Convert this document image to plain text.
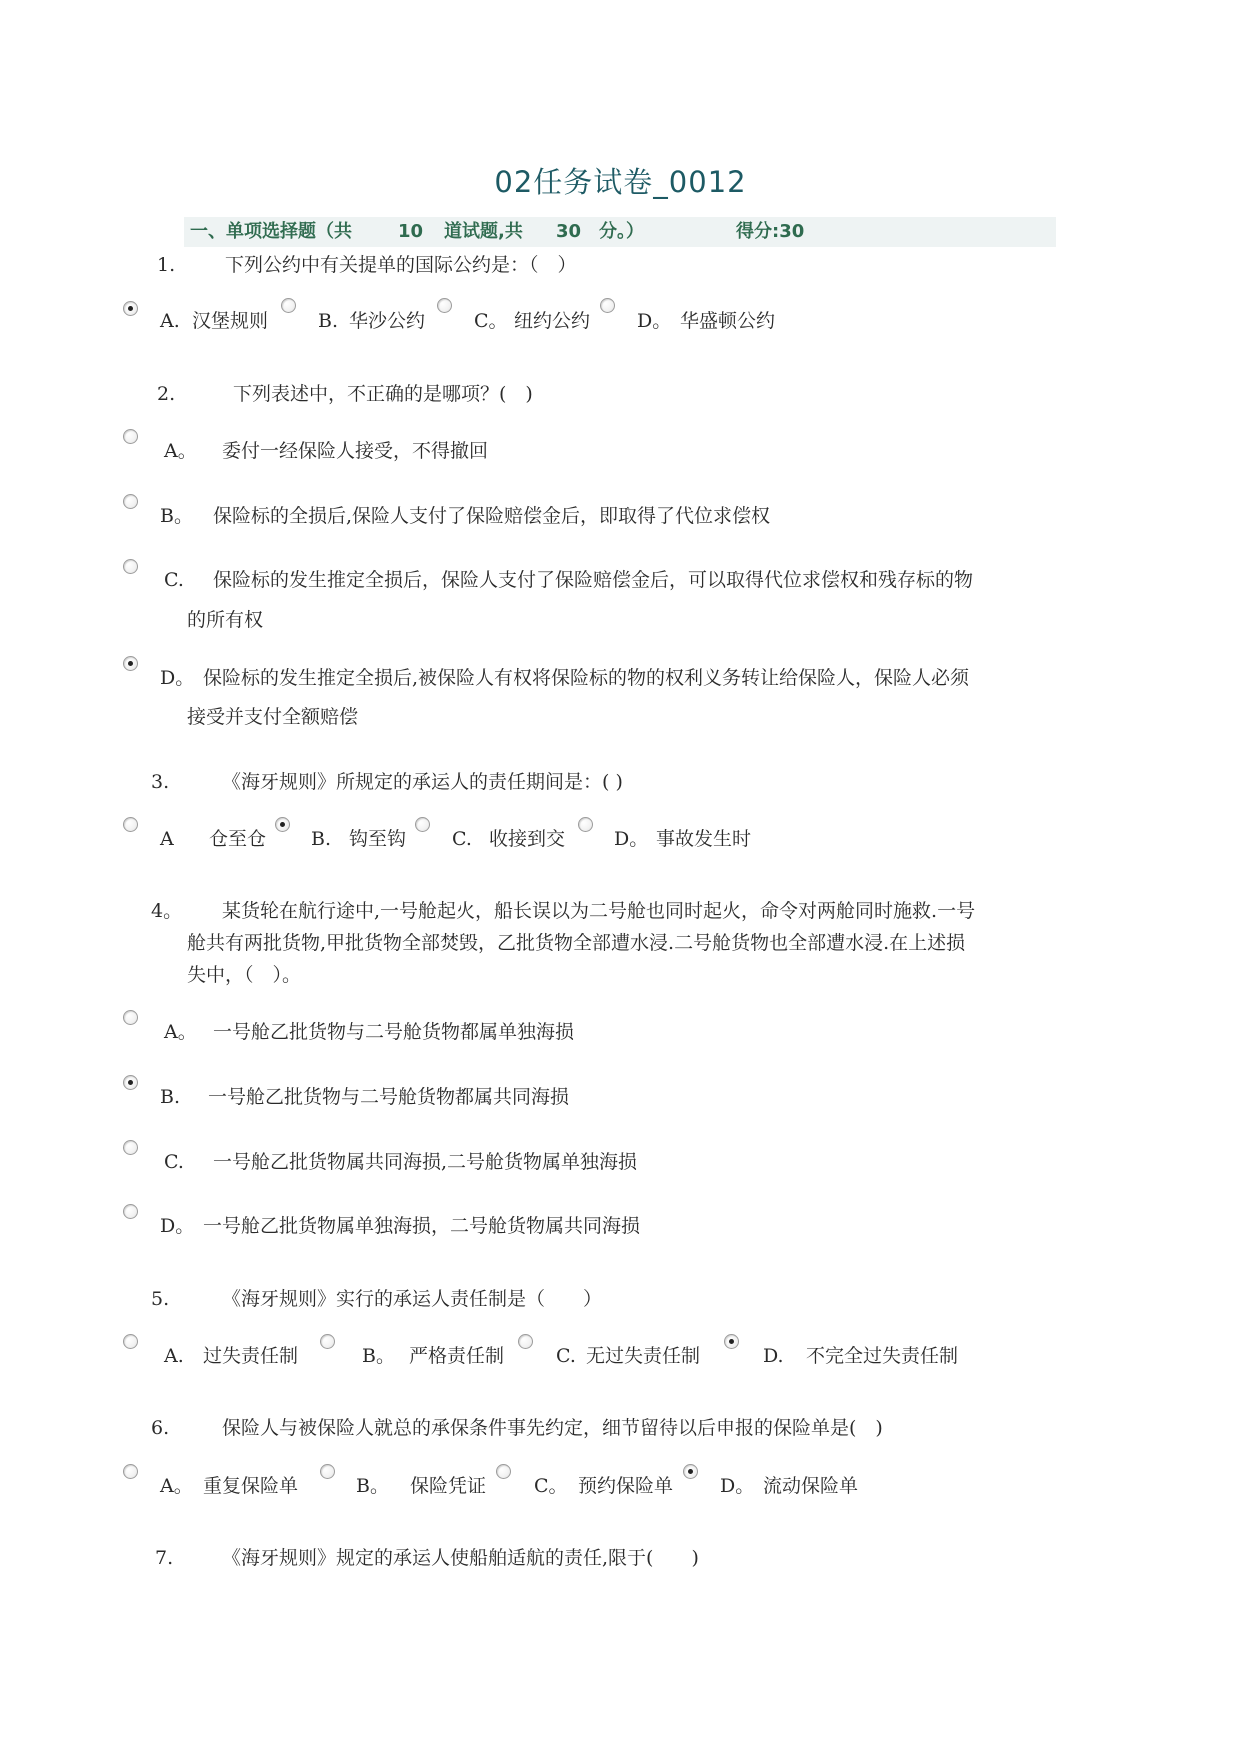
02任务试卷_0012
一、单项选择题（共	10 道试题,共 30 分。）	得分:30
1.	下列公约中有关提单的国际公约是：（　）
A. 汉堡规则	B. 华沙公约	C。 纽约公约 D。 华盛顿公约
2.	下列表述中，不正确的是哪项？(　)
A。 委付一经保险人接受，不得撤回
B。 保险标的全损后,保险人支付了保险赔偿金后，即取得了代位求偿权
C. 保险标的发生推定全损后，保险人支付了保险赔偿金后，可以取得代位求偿权和残存标的物
的所有权
D。 保险标的发生推定全损后,被保险人有权将保险标的物的权利义务转让给保险人，保险人必须
接受并支付全额赔偿
3.	《海牙规则》所规定的承运人的责任期间是：( )
A 仓至仓 B. 钩至钩 C. 收接到交	D。 事故发生时
4。 某货轮在航行途中,一号舱起火，船长误以为二号舱也同时起火，命令对两舱同时施救.一号
舱共有两批货物,甲批货物全部焚毁，乙批货物全部遭水浸.二号舱货物也全部遭水浸.在上述损
失中，（　）。
A。 一号舱乙批货物与二号舱货物都属单独海损
B. 一号舱乙批货物与二号舱货物都属共同海损
C. 一号舱乙批货物属共同海损,二号舱货物属单独海损
D。 一号舱乙批货物属单独海损，二号舱货物属共同海损
5.	《海牙规则》实行的承运人责任制是（　　）
A. 过失责任制	B。 严格责任制	C. 无过失责任制	D. 不完全过失责任制
6.	保险人与被保险人就总的承保条件事先约定，细节留待以后申报的保险单是(　)
A。 重复保险单	B。 保险凭证	C。 预约保险单 D。 流动保险单
7.	《海牙规则》规定的承运人使船舶适航的责任,限于(　　)
